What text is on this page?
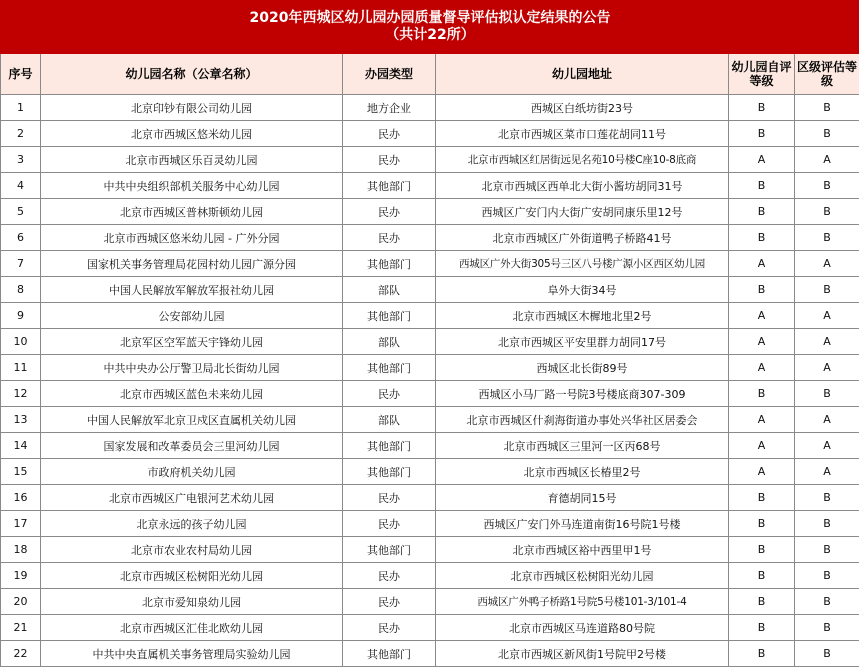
2020年西城区幼儿园办园质量督导评估拟认定结果的公告
（共计22所）					

序号	幼儿园名称（公章名称）	办园类型	幼儿园地址	幼儿园自评等级	区级评估等级
1	北京印钞有限公司幼儿园	地方企业	西城区白纸坊街23号	B	B
2	北京市西城区悠米幼儿园	民办	北京市西城区菜市口莲花胡同11号	B	B
3	北京市西城区乐百灵幼儿园	民办	北京市西城区红居街远见名苑10号楼C座10-8底商	A	A
4	中共中央组织部机关服务中心幼儿园	其他部门	北京市西城区西单北大街小酱坊胡同31号	B	B
5	北京市西城区普林斯顿幼儿园	民办	西城区广安门内大街广安胡同康乐里12号	B	B
6	北京市西城区悠米幼儿园 - 广外分园	民办	北京市西城区广外街道鸭子桥路41号	B	B
7	国家机关事务管理局花园村幼儿园广源分园	其他部门	西城区广外大街305号三区八号楼广源小区西区幼儿园	A	A
8	中国人民解放军解放军报社幼儿园	部队	阜外大街34号	B	B
9	公安部幼儿园	其他部门	北京市西城区木樨地北里2号	A	A
10	北京军区空军蓝天宇锋幼儿园	部队	北京市西城区平安里群力胡同17号	A	A
11	中共中央办公厅警卫局北长街幼儿园	其他部门	西城区北长街89号	A	A
12	北京市西城区蓝色未来幼儿园	民办	西城区小马厂路一号院3号楼底商307-309	B	B
13	中国人民解放军北京卫戍区直属机关幼儿园	部队	北京市西城区什刹海街道办事处兴华社区居委会	A	A
14	国家发展和改革委员会三里河幼儿园	其他部门	北京市西城区三里河一区丙68号	A	A
15	市政府机关幼儿园	其他部门	北京市西城区长椿里2号	A	A
16	北京市西城区广电银河艺术幼儿园	民办	育德胡同15号	B	B
17	北京永远的孩子幼儿园	民办	西城区广安门外马连道南街16号院1号楼	B	B
18	北京市农业农村局幼儿园	其他部门	北京市西城区裕中西里甲1号	B	B
19	北京市西城区松树阳光幼儿园	民办	北京市西城区松树阳光幼儿园	B	B
20	北京市爱知泉幼儿园	民办	西城区广外鸭子桥路1号院5号楼101-3/101-4	B	B
21	北京市西城区汇佳北欧幼儿园	民办	北京市西城区马连道路80号院	B	B
22	中共中央直属机关事务管理局实验幼儿园	其他部门	北京市西城区新风街1号院甲2号楼	B	B
